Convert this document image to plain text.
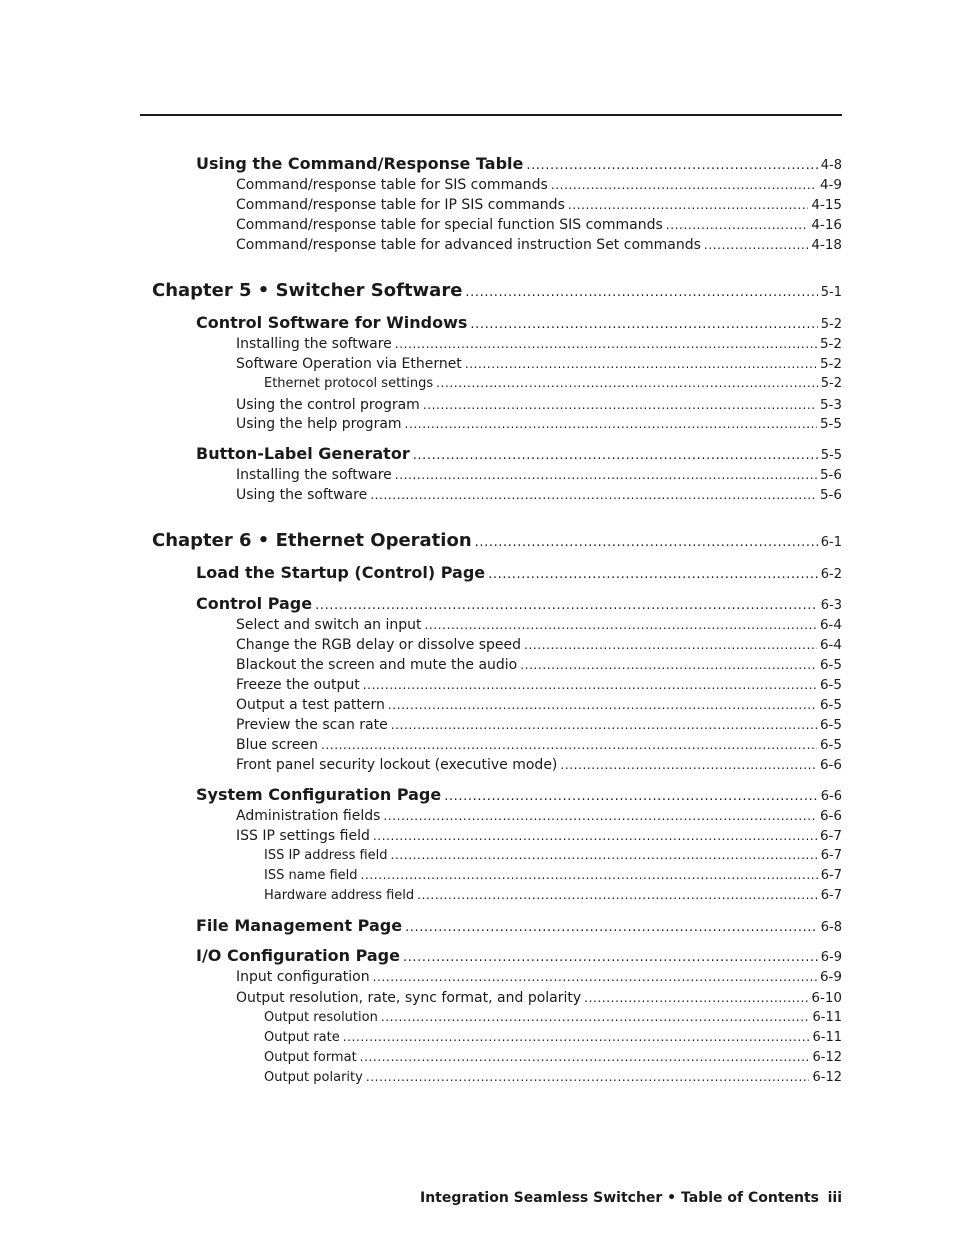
Using the Command/Response Table .....	4-8
Command/response table for SIS commands .....	4-9
Command/response table for IP SIS commands .....	4-15
Command/response table for special function SIS commands .....	4-16
Command/response table for advanced instruction Set commands .....	4-18
Chapter 5 • Switcher Software .....	5-1
Control Software for Windows .....	5-2
Installing the software .....	5-2
Software Operation via Ethernet .....	5-2
Ethernet protocol settings .....	5-2
Using the control program .....	5-3
Using the help program .....	5-5
Button-Label Generator .....	5-5
Installing the software .....	5-6
Using the software .....	5-6
Chapter 6 • Ethernet Operation .....	6-1
Load the Startup (Control) Page .....	6-2
Control Page .....	6-3
Select and switch an input .....	6-4
Change the RGB delay or dissolve speed .....	6-4
Blackout the screen and mute the audio .....	6-5
Freeze the output .....	6-5
Output a test pattern .....	6-5
Preview the scan rate .....	6-5
Blue screen .....	6-5
Front panel security lockout (executive mode) .....	6-6
System Configuration Page .....	6-6
Administration fields .....	6-6
ISS IP settings field .....	6-7
ISS IP address field .....	6-7
ISS name field .....	6-7
Hardware address field .....	6-7
File Management Page .....	6-8
I/O Configuration Page .....	6-9
Input configuration .....	6-9
Output resolution, rate, sync format, and polarity .....	6-10
Output resolution .....	6-11
Output rate .....	6-11
Output format .....	6-12
Output polarity .....	6-12
Integration Seamless Switcher • Table of Contents iii
